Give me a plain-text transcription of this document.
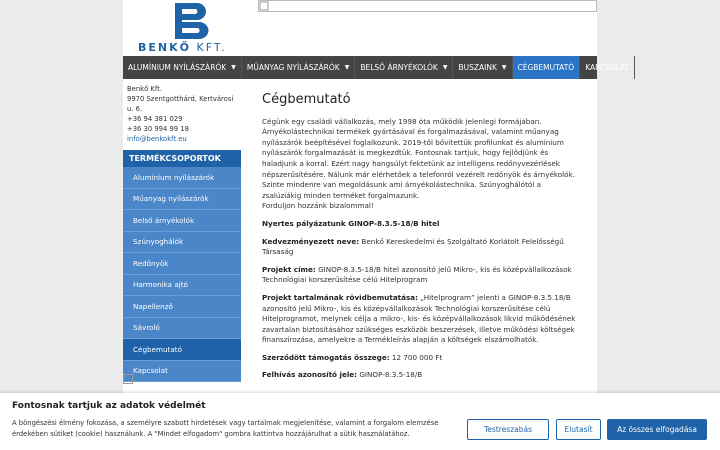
BENKŐ KFT.
ALUMÍNIUM NYÍLÁSZÁRÓK ▼ MŰANYAG NYÍLÁSZÁRÓK ▼ BELSŐ ÁRNYÉKOLÓK ▼ BUSZAINK ▼ CÉGBEMUTATÓ KAPCSOLAT
Benkő Kft.
9970 Szentgotthárd, Kertvárosi u. 6.
+36 94 381 029
+36 30 994 99 18
info@benkokft.eu
TERMÉKCSOPORTOK
Alumínium nyílászárók
Műanyag nyílászárók
Belső árnyékolók
Szúnyoghálók
Redőnyök
Harmonika ajtó
Napellenző
Sávroló
Cégbemutató
Kapcsolat
Cégbemutató

Cégünk egy családi vállalkozás, mely 1998 óta működik jelenlegi formájában. Árnyékolástechnikai termékek gyártásával és forgalmazásával, valamint műanyag nyílászárók beépítésével foglalkozunk. 2019-től bővítettük profilunkat és alumínium nyílászárók forgalmazását is megkezdtük. Fontosnak tartjuk, hogy fejlődjünk és haladjunk a korral. Ezért nagy hangsúlyt fektetünk az intelligens redőnyvezérlések népszerűsítésére. Nálunk már elérhetőek a telefonról vezérelt redőnyök és árnyékolók. Szinte mindenre van megoldásunk ami árnyékolástechnika. Szúnyoghálótól a zsalúziákig minden terméket forgalmazunk.
Forduljon hozzánk bizalommal!

Nyertes pályázatunk GINOP-8.3.5-18/B hitel

Kedvezményezett neve: Benkő Kereskedelmi és Szolgáltató Korlátolt Felelősségű Társaság

Projekt címe: GINOP-8.3.5-18/B hitel azonosító jelű Mikro-, kis és középvállalkozások Technológiai korszerűsítése célú Hitelprogram

Projekt tartalmának rövidbemutatása: „Hitelprogram” jelenti a GINOP-8.3.5.18/B azonosító jelű Mikro-, kis és középvállalkozások Technológiai korszerűsítése célú Hitelprogramot, melynek célja a mikro-, kis- és középvállalkozások likvid működésének zavartalan biztosításához szükséges eszközök beszerzések, illetve működési költségek finanszírozása, amelyekre a Termékleírás alapján a költségek elszámolhatók.

Szerződött támogatás összege: 12 700 000 Ft

Felhívás azonosító jele: GINOP-8.3.5-18/B

Fontosnak tartjuk az adatok védelmét
A böngészési élmény fokozása, a személyre szabott hirdetések vagy tartalmak megjelenítése, valamint a forgalom elemzése érdekében sütiket (cookie) használunk. A "Mindet elfogadom" gombra kattintva hozzájárulhat a sütik használatához.	Testreszabás	Elutasít	Az összes elfogadása
